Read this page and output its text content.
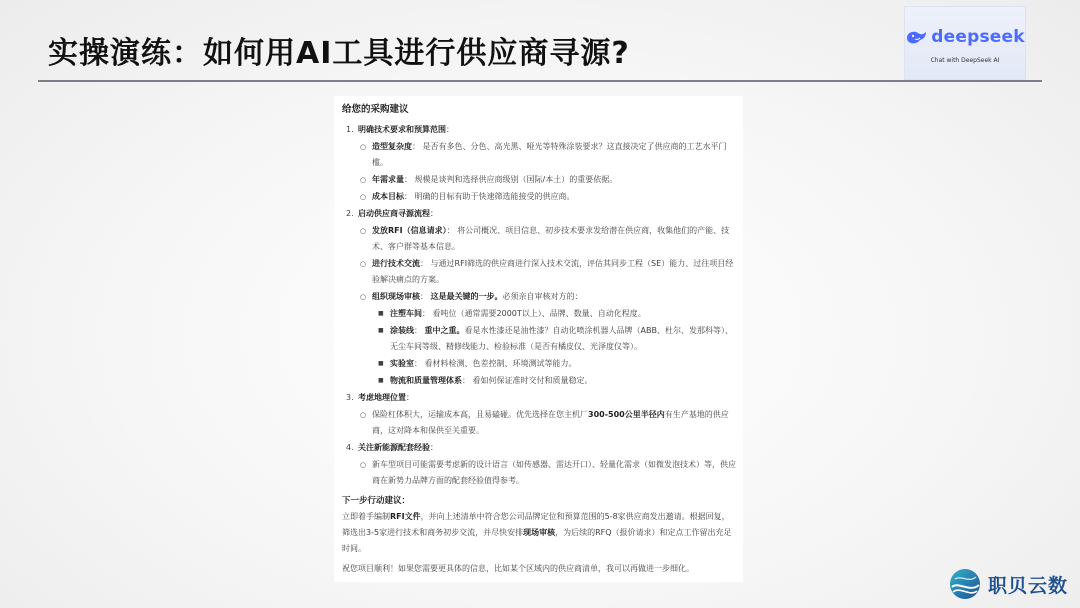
实操演练：如何用AI工具进行供应商寻源?	deepseek
Chat with DeepSeek AI
给您的采购建议
1. 明确技术要求和预算范围 ：
○ 造型复杂度： 是否有多色、分色、高光黑、哑光等特殊涂装要求？这直接决定了供应商的工艺水平门槛。
○ 年需求量： 规模是谈判和选择供应商级别（国际/本土）的重要依据。
○ 成本目标： 明确的目标有助于快速筛选能接受的供应商。
2. 启动供应商寻源流程 ：
○ 发放RFI（信息请求）： 将公司概况、项目信息、初步技术要求发给潜在供应商，收集他们的产能、技术、客户群等基本信息。
○ 进行技术交流： 与通过RFI筛选的供应商进行深入技术交流，评估其同步工程（SE）能力、过往项目经验解决痛点的方案。
○ 组织现场审核： 这是最关键的一步。必须亲自审核对方的：
■ 注塑车间： 看吨位（通常需要2000T以上）、品牌、数量、自动化程度。
■ 涂装线： 重中之重。看是水性漆还是油性漆？自动化喷涂机器人品牌（ABB、杜尔、发那科等）、无尘车间等级、精修线能力、检验标准（是否有橘皮仪、光泽度仪等）。
■ 实验室： 看材料检测、色差控制、环境测试等能力。
■ 物流和质量管理体系： 看如何保证准时交付和质量稳定。
3. 考虑地理位置 ：
○ 保险杠体积大，运输成本高，且易磕碰。优先选择在您主机厂300-500公里半径内有生产基地的供应商，这对降本和保供至关重要。
4. 关注新能源配套经验 ：
○ 新车型项目可能需要考虑新的设计语言（如传感器、雷达开口）、轻量化需求（如微发泡技术）等，供应商在新势力品牌方面的配套经验值得参考。
下一步行动建议：
立即着手编制RFI文件，并向上述清单中符合您公司品牌定位和预算范围的5-8家供应商发出邀请。根据回复，筛选出3-5家进行技术和商务初步交流，并尽快安排现场审核，为后续的RFQ（报价请求）和定点工作留出充足时间。
祝您项目顺利！如果您需要更具体的信息，比如某个区域内的供应商清单，我可以再做进一步细化。
职贝云数
